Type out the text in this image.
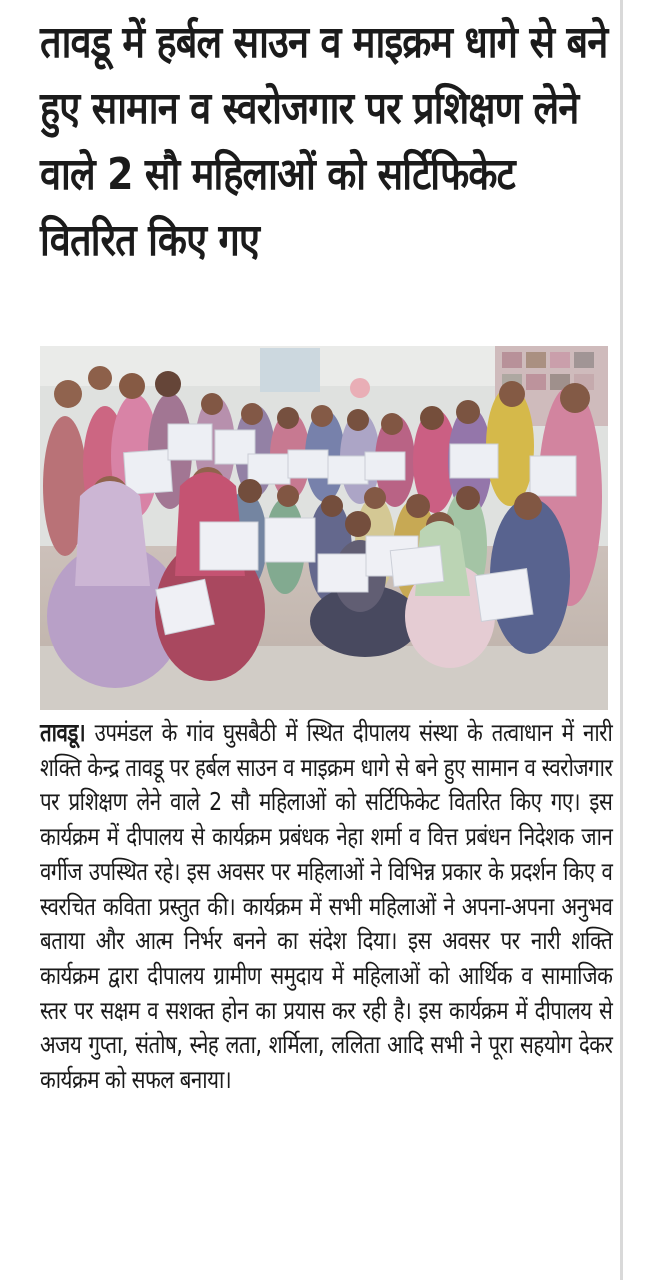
तावडू में हर्बल साउन व माइक्रम धागे से बने हुए सामान व स्वरोजगार पर प्रशिक्षण लेने वाले 2 सौ महिलाओं को सर्टिफिकेट वितरित किए गए

तावडू। उपमंडल के गांव घुसबैठी में स्थित दीपालय संस्था के तत्वाधान में नारी शक्ति केन्द्र तावडू पर हर्बल साउन व माइक्रम धागे से बने हुए सामान व स्वरोजगार पर प्रशिक्षण लेने वाले 2 सौ महिलाओं को सर्टिफिकेट वितरित किए गए। इस कार्यक्रम में दीपालय से कार्यक्रम प्रबंधक नेहा शर्मा व वित्त प्रबंधन निदेशक जान वर्गीज उपस्थित रहे। इस अवसर पर महिलाओं ने विभिन्न प्रकार के प्रदर्शन किए व स्वरचित कविता प्रस्तुत की। कार्यक्रम में सभी महिलाओं ने अपना-अपना अनुभव बताया और आत्म निर्भर बनने का संदेश दिया। इस अवसर पर नारी शक्ति कार्यक्रम द्वारा दीपालय ग्रामीण समुदाय में महिलाओं को आर्थिक व सामाजिक स्तर पर सक्षम व सशक्त होन का प्रयास कर रही है। इस कार्यक्रम में दीपालय से अजय गुप्ता, संतोष, स्नेह लता, शर्मिला, ललिता आदि सभी ने पूरा सहयोग देकर कार्यक्रम को सफल बनाया।
